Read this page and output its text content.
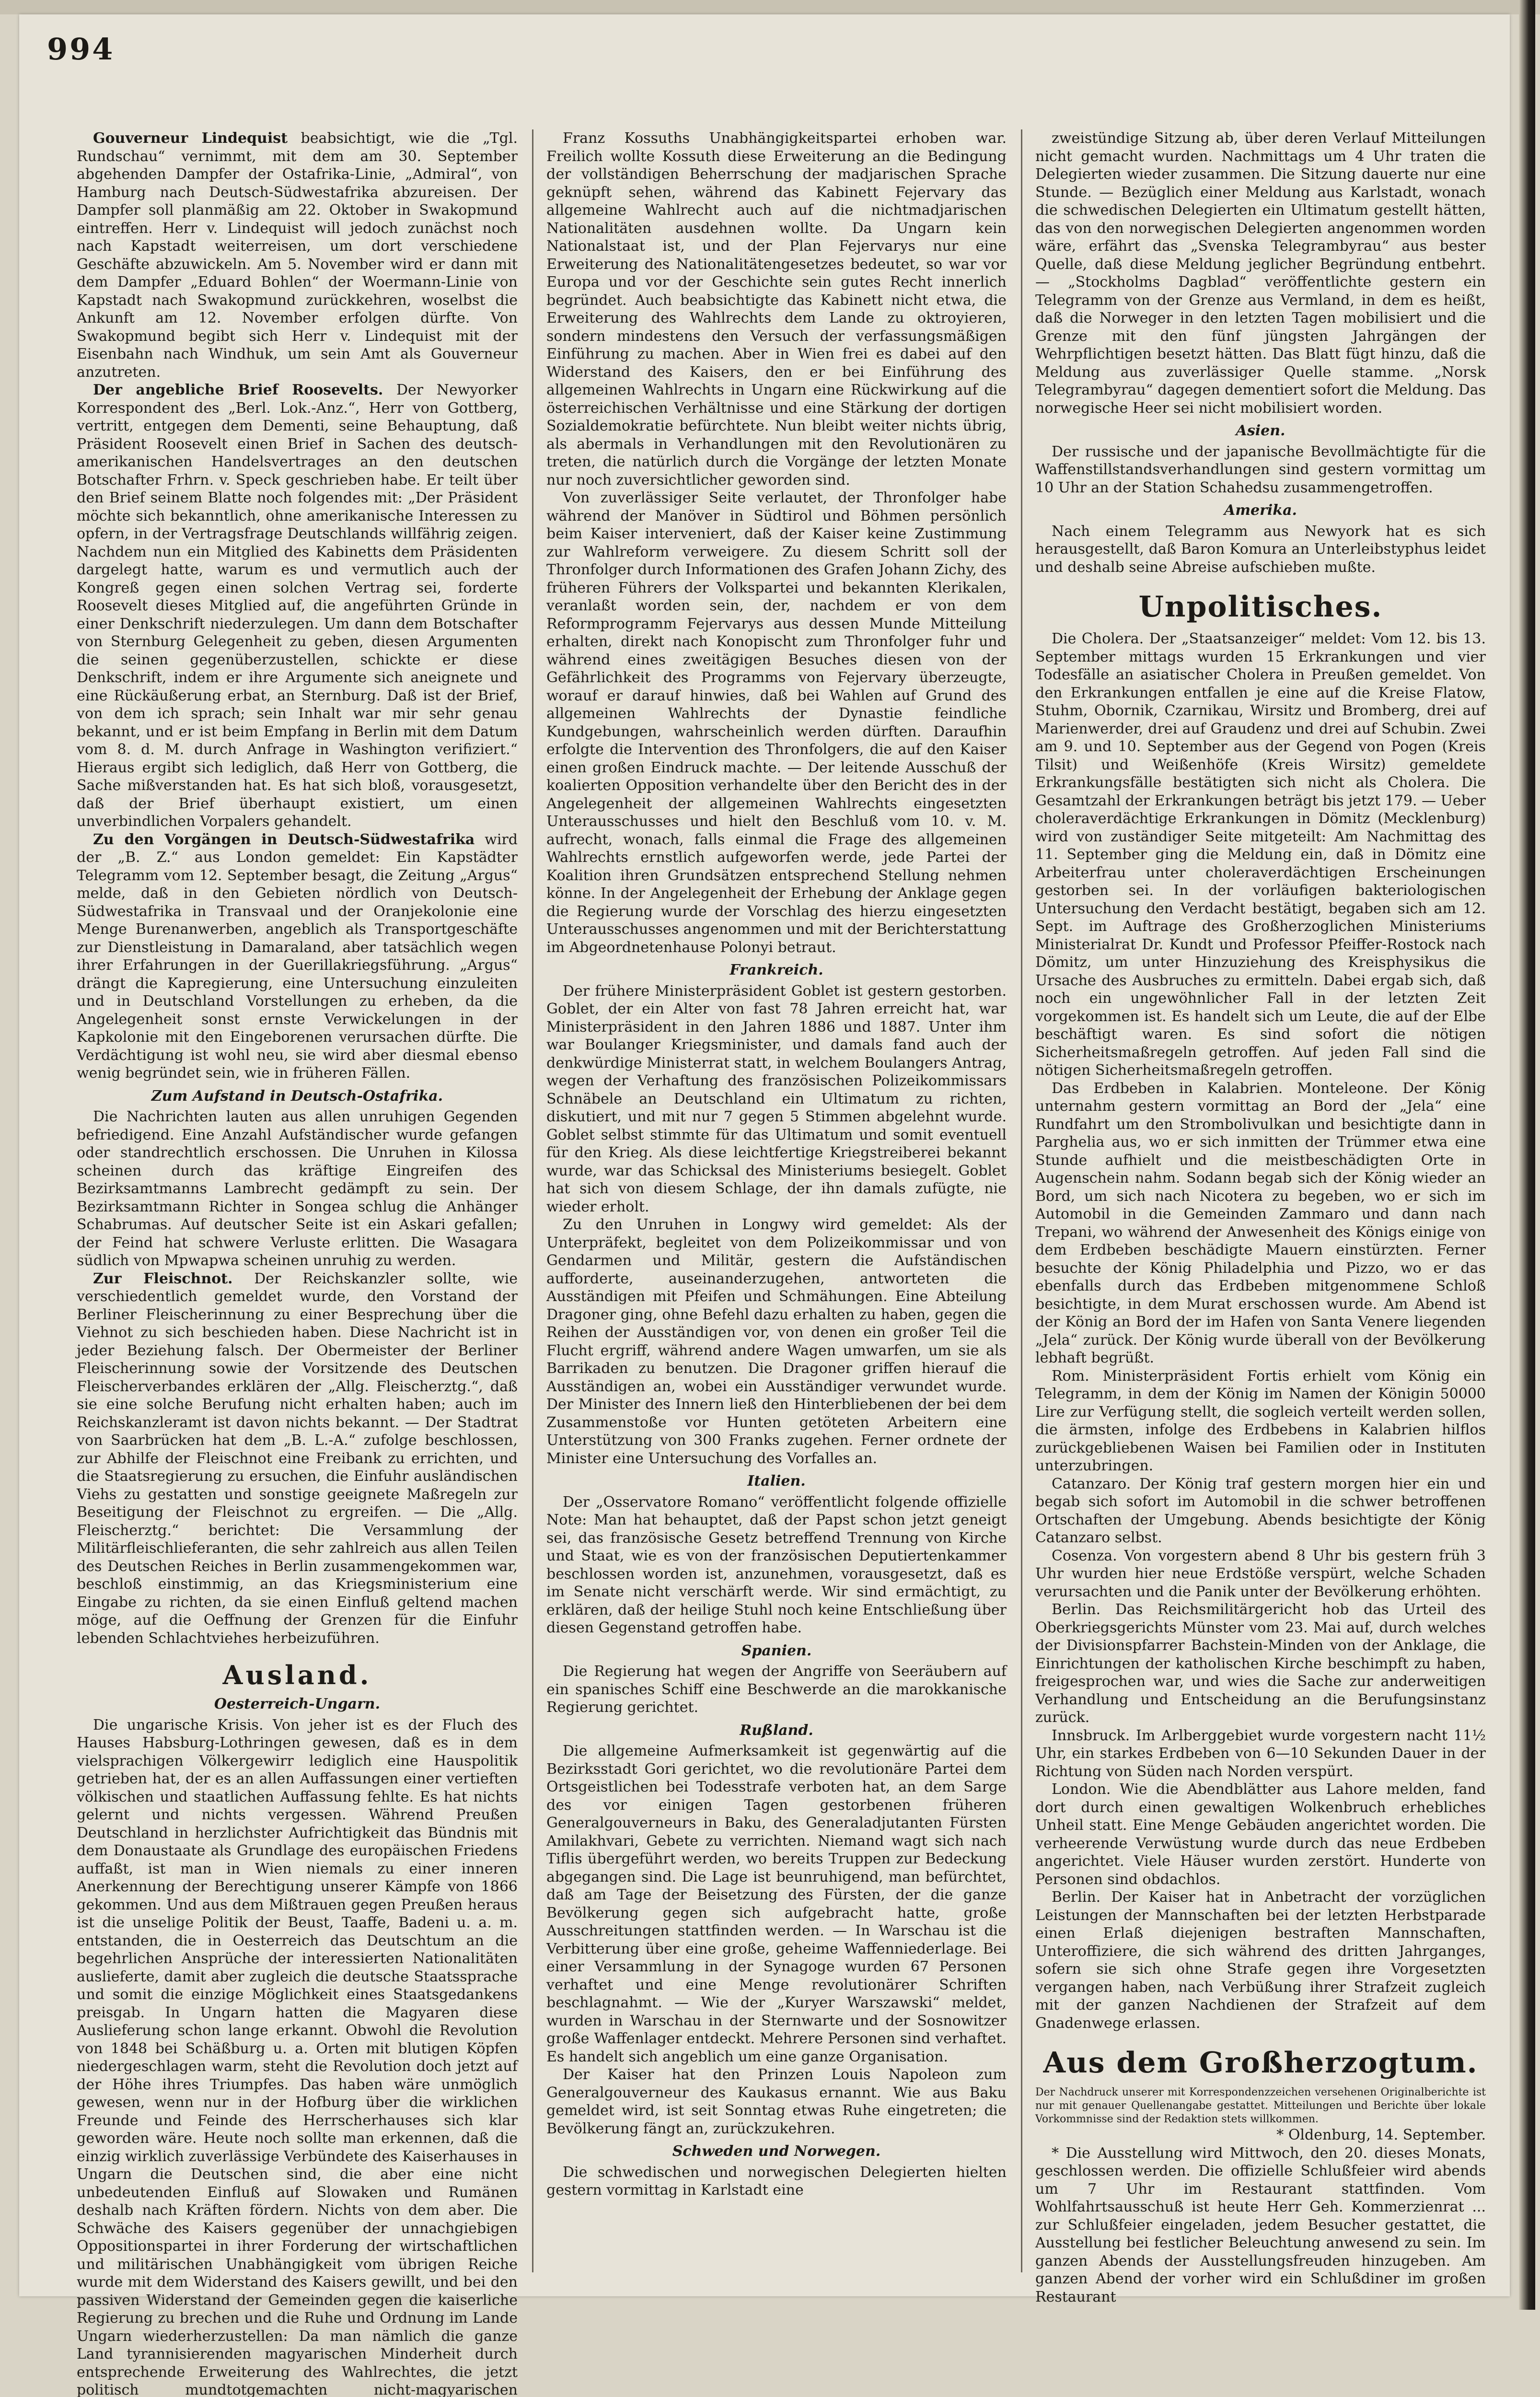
994

Gouverneur Lindequist beabsichtigt, wie die „Tgl. Rundschau“ vernimmt, mit dem am 30. September abgehenden Dampfer der Ostafrika-Linie, „Admiral“, von Hamburg nach Deutsch-Südwestafrika abzureisen. Der Dampfer soll planmäßig am 22. Oktober in Swakopmund eintreffen. Herr v. Lindequist will jedoch zunächst noch nach Kapstadt weiterreisen, um dort verschiedene Geschäfte abzuwickeln. Am 5. November wird er dann mit dem Dampfer „Eduard Bohlen“ der Woermann-Linie von Kapstadt nach Swakopmund zurückkehren, woselbst die Ankunft am 12. November erfolgen dürfte. Von Swakopmund begibt sich Herr v. Lindequist mit der Eisenbahn nach Windhuk, um sein Amt als Gouverneur anzutreten.

Der angebliche Brief Roosevelts. Der Newyorker Korrespondent des „Berl. Lok.-Anz.“, Herr von Gottberg, vertritt, entgegen dem Dementi, seine Behauptung, daß Präsident Roosevelt einen Brief in Sachen des deutsch-amerikanischen Handelsvertrages an den deutschen Botschafter Frhrn. v. Speck geschrieben habe. Er teilt über den Brief seinem Blatte noch folgendes mit: „Der Präsident möchte sich bekanntlich, ohne amerikanische Interessen zu opfern, in der Vertragsfrage Deutschlands willfährig zeigen. Nachdem nun ein Mitglied des Kabinetts dem Präsidenten dargelegt hatte, warum es und vermutlich auch der Kongreß gegen einen solchen Vertrag sei, forderte Roosevelt dieses Mitglied auf, die angeführten Gründe in einer Denkschrift niederzulegen. Um dann dem Botschafter von Sternburg Gelegenheit zu geben, diesen Argumenten die seinen gegenüberzustellen, schickte er diese Denkschrift, indem er ihre Argumente sich aneignete und eine Rückäußerung erbat, an Sternburg. Daß ist der Brief, von dem ich sprach; sein Inhalt war mir sehr genau bekannt, und er ist beim Empfang in Berlin mit dem Datum vom 8. d. M. durch Anfrage in Washington verifiziert.“ Hieraus ergibt sich lediglich, daß Herr von Gottberg, die Sache mißverstanden hat. Es hat sich bloß, vorausgesetzt, daß der Brief überhaupt existiert, um einen unverbindlichen Vorpalers gehandelt.

Zu den Vorgängen in Deutsch-Südwestafrika wird der „B. Z.“ aus London gemeldet: Ein Kapstädter Telegramm vom 12. September besagt, die Zeitung „Argus“ melde, daß in den Gebieten nördlich von Deutsch-Südwestafrika in Transvaal und der Oranjekolonie eine Menge Burenanwerben, angeblich als Transportgeschäfte zur Dienstleistung in Damaraland, aber tatsächlich wegen ihrer Erfahrungen in der Guerillakriegsführung. „Argus“ drängt die Kapregierung, eine Untersuchung einzuleiten und in Deutschland Vorstellungen zu erheben, da die Angelegenheit sonst ernste Verwickelungen in der Kapkolonie mit den Eingeborenen verursachen dürfte. Die Verdächtigung ist wohl neu, sie wird aber diesmal ebenso wenig begründet sein, wie in früheren Fällen.

Zum Aufstand in Deutsch-Ostafrika.

Die Nachrichten lauten aus allen unruhigen Gegenden befriedigend. Eine Anzahl Aufständischer wurde gefangen oder standrechtlich erschossen. Die Unruhen in Kilossa scheinen durch das kräftige Eingreifen des Bezirksamtmanns Lambrecht gedämpft zu sein. Der Bezirksamtmann Richter in Songea schlug die Anhänger Schabrumas. Auf deutscher Seite ist ein Askari gefallen; der Feind hat schwere Verluste erlitten. Die Wasagara südlich von Mpwapwa scheinen unruhig zu werden.

Zur Fleischnot. Der Reichskanzler sollte, wie verschiedentlich gemeldet wurde, den Vorstand der Berliner Fleischerinnung zu einer Besprechung über die Viehnot zu sich beschieden haben. Diese Nachricht ist in jeder Beziehung falsch. Der Obermeister der Berliner Fleischerinnung sowie der Vorsitzende des Deutschen Fleischerverbandes erklären der „Allg. Fleischerztg.“, daß sie eine solche Berufung nicht erhalten haben; auch im Reichskanzleramt ist davon nichts bekannt. — Der Stadtrat von Saarbrücken hat dem „B. L.-A.“ zufolge beschlossen, zur Abhilfe der Fleischnot eine Freibank zu errichten, und die Staatsregierung zu ersuchen, die Einfuhr ausländischen Viehs zu gestatten und sonstige geeignete Maßregeln zur Beseitigung der Fleischnot zu ergreifen. — Die „Allg. Fleischerztg.“ berichtet: Die Versammlung der Militärfleischlieferanten, die sehr zahlreich aus allen Teilen des Deutschen Reiches in Berlin zusammengekommen war, beschloß einstimmig, an das Kriegsministerium eine Eingabe zu richten, da sie einen Einfluß geltend machen möge, auf die Oeffnung der Grenzen für die Einfuhr lebenden Schlachtviehes herbeizuführen.

Ausland.
Oesterreich-Ungarn.

Die ungarische Krisis. Von jeher ist es der Fluch des Hauses Habsburg-Lothringen gewesen, daß es in dem vielsprachigen Völkergewirr lediglich eine Hauspolitik getrieben hat, der es an allen Auffassungen einer vertieften völkischen und staatlichen Auffassung fehlte. Es hat nichts gelernt und nichts vergessen. Während Preußen Deutschland in herzlichster Aufrichtigkeit das Bündnis mit dem Donaustaate als Grundlage des europäischen Friedens auffaßt, ist man in Wien niemals zu einer inneren Anerkennung der Berechtigung unserer Kämpfe von 1866 gekommen. Und aus dem Mißtrauen gegen Preußen heraus ist die unselige Politik der Beust, Taaffe, Badeni u. a. m. entstanden, die in Oesterreich das Deutschtum an die begehrlichen Ansprüche der interessierten Nationalitäten auslieferte, damit aber zugleich die deutsche Staatssprache und somit die einzige Möglichkeit eines Staatsgedankens preisgab. In Ungarn hatten die Magyaren diese Auslieferung schon lange erkannt. Obwohl die Revolution von 1848 bei Schäßburg u. a. Orten mit blutigen Köpfen niedergeschlagen warm, steht die Revolution doch jetzt auf der Höhe ihres Triumpfes. Das haben wäre unmöglich gewesen, wenn nur in der Hofburg über die wirklichen Freunde und Feinde des Herrscherhauses sich klar geworden wäre. Heute noch sollte man erkennen, daß die einzig wirklich zuverlässige Verbündete des Kaiserhauses in Ungarn die Deutschen sind, die aber eine nicht unbedeutenden Einfluß auf Slowaken und Rumänen deshalb nach Kräften fördern. Nichts von dem aber. Die Schwäche des Kaisers gegenüber der unnachgiebigen Oppositionspartei in ihrer Forderung der wirtschaftlichen und militärischen Unabhängigkeit vom übrigen Reiche wurde mit dem Widerstand des Kaisers gewillt, und bei den passiven Widerstand der Gemeinden gegen die kaiserliche Regierung zu brechen und die Ruhe und Ordnung im Lande Ungarn wiederherzustellen: Da man nämlich die ganze Land tyrannisierenden magyarischen Minderheit durch entsprechende Erweiterung des Wahlrechtes, die jetzt politisch mundtotgemachten nicht-magyarischen

Franz Kossuths Unabhängigkeitspartei erhoben war. Freilich wollte Kossuth diese Erweiterung an die Bedingung der vollständigen Beherrschung der madjarischen Sprache geknüpft sehen, während das Kabinett Fejervary das allgemeine Wahlrecht auch auf die nichtmadjarischen Nationalitäten ausdehnen wollte. Da Ungarn kein Nationalstaat ist, und der Plan Fejervarys nur eine Erweiterung des Nationalitätengesetzes bedeutet, so war vor Europa und vor der Geschichte sein gutes Recht innerlich begründet. Auch beabsichtigte das Kabinett nicht etwa, die Erweiterung des Wahlrechts dem Lande zu oktroyieren, sondern mindestens den Versuch der verfassungsmäßigen Einführung zu machen. Aber in Wien frei es dabei auf den Widerstand des Kaisers, den er bei Einführung des allgemeinen Wahlrechts in Ungarn eine Rückwirkung auf die österreichischen Verhältnisse und eine Stärkung der dortigen Sozialdemokratie befürchtete. Nun bleibt weiter nichts übrig, als abermals in Verhandlungen mit den Revolutionären zu treten, die natürlich durch die Vorgänge der letzten Monate nur noch zuversichtlicher geworden sind.

Von zuverlässiger Seite verlautet, der Thronfolger habe während der Manöver in Südtirol und Böhmen persönlich beim Kaiser interveniert, daß der Kaiser keine Zustimmung zur Wahlreform verweigere. Zu diesem Schritt soll der Thronfolger durch Informationen des Grafen Johann Zichy, des früheren Führers der Volkspartei und bekannten Klerikalen, veranlaßt worden sein, der, nachdem er von dem Reformprogramm Fejervarys aus dessen Munde Mitteilung erhalten, direkt nach Konopischt zum Thronfolger fuhr und während eines zweitägigen Besuches diesen von der Gefährlichkeit des Programms von Fejervary überzeugte, worauf er darauf hinwies, daß bei Wahlen auf Grund des allgemeinen Wahlrechts der Dynastie feindliche Kundgebungen, wahrscheinlich werden dürften. Daraufhin erfolgte die Intervention des Thronfolgers, die auf den Kaiser einen großen Eindruck machte. — Der leitende Ausschuß der koalierten Opposition verhandelte über den Bericht des in der Angelegenheit der allgemeinen Wahlrechts eingesetzten Unterausschusses und hielt den Beschluß vom 10. v. M. aufrecht, wonach, falls einmal die Frage des allgemeinen Wahlrechts ernstlich aufgeworfen werde, jede Partei der Koalition ihren Grundsätzen entsprechend Stellung nehmen könne. In der Angelegenheit der Erhebung der Anklage gegen die Regierung wurde der Vorschlag des hierzu eingesetzten Unterausschusses angenommen und mit der Berichterstattung im Abgeordnetenhause Polonyi betraut.

Frankreich.

Der frühere Ministerpräsident Goblet ist gestern gestorben. Goblet, der ein Alter von fast 78 Jahren erreicht hat, war Ministerpräsident in den Jahren 1886 und 1887. Unter ihm war Boulanger Kriegsminister, und damals fand auch der denkwürdige Ministerrat statt, in welchem Boulangers Antrag, wegen der Verhaftung des französischen Polizeikommissars Schnäbele an Deutschland ein Ultimatum zu richten, diskutiert, und mit nur 7 gegen 5 Stimmen abgelehnt wurde. Goblet selbst stimmte für das Ultimatum und somit eventuell für den Krieg. Als diese leichtfertige Kriegstreiberei bekannt wurde, war das Schicksal des Ministeriums besiegelt. Goblet hat sich von diesem Schlage, der ihn damals zufügte, nie wieder erholt.

Zu den Unruhen in Longwy wird gemeldet: Als der Unterpräfekt, begleitet von dem Polizeikommissar und von Gendarmen und Militär, gestern die Aufständischen aufforderte, auseinanderzugehen, antworteten die Ausständigen mit Pfeifen und Schmähungen. Eine Abteilung Dragoner ging, ohne Befehl dazu erhalten zu haben, gegen die Reihen der Ausständigen vor, von denen ein großer Teil die Flucht ergriff, während andere Wagen umwarfen, um sie als Barrikaden zu benutzen. Die Dragoner griffen hierauf die Ausständigen an, wobei ein Ausständiger verwundet wurde. Der Minister des Innern ließ den Hinterbliebenen der bei dem Zusammenstoße vor Hunten getöteten Arbeitern eine Unterstützung von 300 Franks zugehen. Ferner ordnete der Minister eine Untersuchung des Vorfalles an.

Italien.

Der „Osservatore Romano“ veröffentlicht folgende offizielle Note: Man hat behauptet, daß der Papst schon jetzt geneigt sei, das französische Gesetz betreffend Trennung von Kirche und Staat, wie es von der französischen Deputiertenkammer beschlossen worden ist, anzunehmen, vorausgesetzt, daß es im Senate nicht verschärft werde. Wir sind ermächtigt, zu erklären, daß der heilige Stuhl noch keine Entschließung über diesen Gegenstand getroffen habe.

Spanien.

Die Regierung hat wegen der Angriffe von Seeräubern auf ein spanisches Schiff eine Beschwerde an die marokkanische Regierung gerichtet.

Rußland.

Die allgemeine Aufmerksamkeit ist gegenwärtig auf die Bezirksstadt Gori gerichtet, wo die revolutionäre Partei dem Ortsgeistlichen bei Todesstrafe verboten hat, an dem Sarge des vor einigen Tagen gestorbenen früheren Generalgouverneurs in Baku, des Generaladjutanten Fürsten Amilakhvari, Gebete zu verrichten. Niemand wagt sich nach Tiflis übergeführt werden, wo bereits Truppen zur Bedeckung abgegangen sind. Die Lage ist beunruhigend, man befürchtet, daß am Tage der Beisetzung des Fürsten, der die ganze Bevölkerung gegen sich aufgebracht hatte, große Ausschreitungen stattfinden werden. — In Warschau ist die Verbitterung über eine große, geheime Waffenniederlage. Bei einer Versammlung in der Synagoge wurden 67 Personen verhaftet und eine Menge revolutionärer Schriften beschlagnahmt. — Wie der „Kuryer Warszawski“ meldet, wurden in Warschau in der Sternwarte und der Sosnowitzer große Waffenlager entdeckt. Mehrere Personen sind verhaftet. Es handelt sich angeblich um eine ganze Organisation.

Der Kaiser hat den Prinzen Louis Napoleon zum Generalgouverneur des Kaukasus ernannt. Wie aus Baku gemeldet wird, ist seit Sonntag etwas Ruhe eingetreten; die Bevölkerung fängt an, zurückzukehren.

Schweden und Norwegen.

Die schwedischen und norwegischen Delegierten hielten gestern vormittag in Karlstadt eine

zweistündige Sitzung ab, über deren Verlauf Mitteilungen nicht gemacht wurden. Nachmittags um 4 Uhr traten die Delegierten wieder zusammen. Die Sitzung dauerte nur eine Stunde. — Bezüglich einer Meldung aus Karlstadt, wonach die schwedischen Delegierten ein Ultimatum gestellt hätten, das von den norwegischen Delegierten angenommen worden wäre, erfährt das „Svenska Telegrambyrau“ aus bester Quelle, daß diese Meldung jeglicher Begründung entbehrt. — „Stockholms Dagblad“ veröffentlichte gestern ein Telegramm von der Grenze aus Vermland, in dem es heißt, daß die Norweger in den letzten Tagen mobilisiert und die Grenze mit den fünf jüngsten Jahrgängen der Wehrpflichtigen besetzt hätten. Das Blatt fügt hinzu, daß die Meldung aus zuverlässiger Quelle stamme. „Norsk Telegrambyrau“ dagegen dementiert sofort die Meldung. Das norwegische Heer sei nicht mobilisiert worden.

Asien.

Der russische und der japanische Bevollmächtigte für die Waffenstillstandsverhandlungen sind gestern vormittag um 10 Uhr an der Station Schahedsu zusammengetroffen.

Amerika.

Nach einem Telegramm aus Newyork hat es sich herausgestellt, daß Baron Komura an Unterleibstyphus leidet und deshalb seine Abreise aufschieben mußte.

Unpolitisches.

Die Cholera. Der „Staatsanzeiger“ meldet: Vom 12. bis 13. September mittags wurden 15 Erkrankungen und vier Todesfälle an asiatischer Cholera in Preußen gemeldet. Von den Erkrankungen entfallen je eine auf die Kreise Flatow, Stuhm, Obornik, Czarnikau, Wirsitz und Bromberg, drei auf Marienwerder, drei auf Graudenz und drei auf Schubin. Zwei am 9. und 10. September aus der Gegend von Pogen (Kreis Tilsit) und Weißenhöfe (Kreis Wirsitz) gemeldete Erkrankungsfälle bestätigten sich nicht als Cholera. Die Gesamtzahl der Erkrankungen beträgt bis jetzt 179. — Ueber choleraverdächtige Erkrankungen in Dömitz (Mecklenburg) wird von zuständiger Seite mitgeteilt: Am Nachmittag des 11. September ging die Meldung ein, daß in Dömitz eine Arbeiterfrau unter choleraverdächtigen Erscheinungen gestorben sei. In der vorläufigen bakteriologischen Untersuchung den Verdacht bestätigt, begaben sich am 12. Sept. im Auftrage des Großherzoglichen Ministeriums Ministerialrat Dr. Kundt und Professor Pfeiffer-Rostock nach Dömitz, um unter Hinzuziehung des Kreisphysikus die Ursache des Ausbruches zu ermitteln. Dabei ergab sich, daß noch ein ungewöhnlicher Fall in der letzten Zeit vorgekommen ist. Es handelt sich um Leute, die auf der Elbe beschäftigt waren. Es sind sofort die nötigen Sicherheitsmaßregeln getroffen. Auf jeden Fall sind die nötigen Sicherheitsmaßregeln getroffen.

Das Erdbeben in Kalabrien. Monteleone. Der König unternahm gestern vormittag an Bord der „Jela“ eine Rundfahrt um den Strombolivulkan und besichtigte dann in Parghelia aus, wo er sich inmitten der Trümmer etwa eine Stunde aufhielt und die meistbeschädigten Orte in Augenschein nahm. Sodann begab sich der König wieder an Bord, um sich nach Nicotera zu begeben, wo er sich im Automobil in die Gemeinden Zammaro und dann nach Trepani, wo während der Anwesenheit des Königs einige von dem Erdbeben beschädigte Mauern einstürzten. Ferner besuchte der König Philadelphia und Pizzo, wo er das ebenfalls durch das Erdbeben mitgenommene Schloß besichtigte, in dem Murat erschossen wurde. Am Abend ist der König an Bord der im Hafen von Santa Venere liegenden „Jela“ zurück. Der König wurde überall von der Bevölkerung lebhaft begrüßt.

Rom. Ministerpräsident Fortis erhielt vom König ein Telegramm, in dem der König im Namen der Königin 50000 Lire zur Verfügung stellt, die sogleich verteilt werden sollen, die ärmsten, infolge des Erdbebens in Kalabrien hilflos zurückgebliebenen Waisen bei Familien oder in Instituten unterzubringen.

Catanzaro. Der König traf gestern morgen hier ein und begab sich sofort im Automobil in die schwer betroffenen Ortschaften der Umgebung. Abends besichtigte der König Catanzaro selbst.

Cosenza. Von vorgestern abend 8 Uhr bis gestern früh 3 Uhr wurden hier neue Erdstöße verspürt, welche Schaden verursachten und die Panik unter der Bevölkerung erhöhten.

Berlin. Das Reichsmilitärgericht hob das Urteil des Oberkriegsgerichts Münster vom 23. Mai auf, durch welches der Divisionspfarrer Bachstein-Minden von der Anklage, die Einrichtungen der katholischen Kirche beschimpft zu haben, freigesprochen war, und wies die Sache zur anderweitigen Verhandlung und Entscheidung an die Berufungsinstanz zurück.

Innsbruck. Im Arlberggebiet wurde vorgestern nacht 11½ Uhr, ein starkes Erdbeben von 6—10 Sekunden Dauer in der Richtung von Süden nach Norden verspürt.

London. Wie die Abendblätter aus Lahore melden, fand dort durch einen gewaltigen Wolkenbruch erhebliches Unheil statt. Eine Menge Gebäuden angerichtet worden. Die verheerende Verwüstung wurde durch das neue Erdbeben angerichtet. Viele Häuser wurden zerstört. Hunderte von Personen sind obdachlos.

Berlin. Der Kaiser hat in Anbetracht der vorzüglichen Leistungen der Mannschaften bei der letzten Herbstparade einen Erlaß diejenigen bestraften Mannschaften, Unteroffiziere, die sich während des dritten Jahrganges, sofern sie sich ohne Strafe gegen ihre Vorgesetzten vergangen haben, nach Verbüßung ihrer Strafzeit zugleich mit der ganzen Nachdienen der Strafzeit auf dem Gnadenwege erlassen.

Aus dem Großherzogtum.

Der Nachdruck unserer mit Korrespondenzzeichen versehenen Originalberichte ist nur mit genauer Quellenangabe gestattet. Mitteilungen und Berichte über lokale Vorkommnisse sind der Redaktion stets willkommen.

* Oldenburg, 14. September.

* Die Ausstellung wird Mittwoch, den 20. dieses Monats, geschlossen werden. Die offizielle Schlußfeier wird abends um 7 Uhr im Restaurant stattfinden. Vom Wohlfahrtsausschuß ist heute Herr Geh. Kommerzienrat ... zur Schlußfeier eingeladen, jedem Besucher gestattet, die Ausstellung bei festlicher Beleuchtung anwesend zu sein. Im ganzen Abends der Ausstellungsfreuden hinzugeben. Am ganzen Abend der vorher wird ein Schlußdiner im großen Restaurant
